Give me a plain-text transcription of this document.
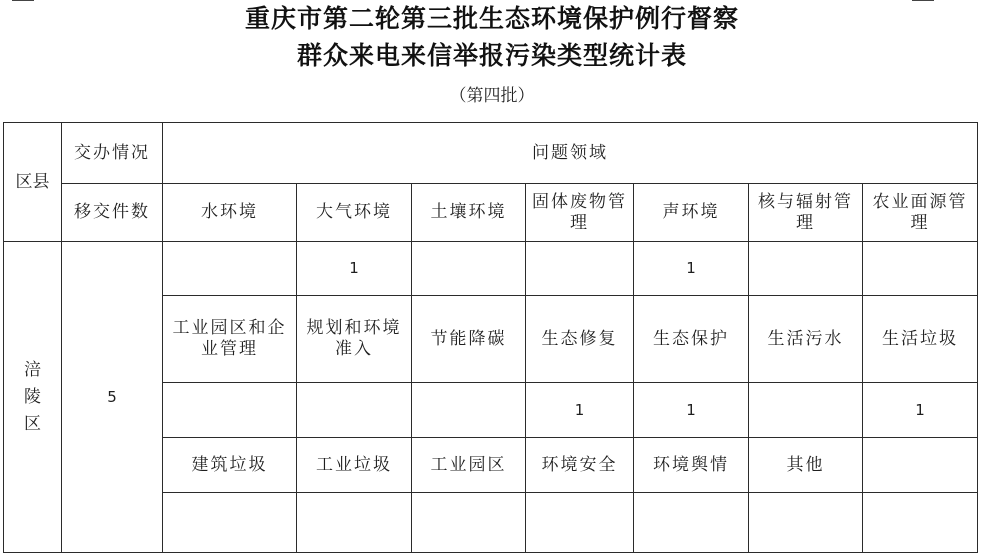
重庆市第二轮第三批生态环境保护例行督察
群众来电来信举报污染类型统计表
（第四批）
区县	交办情况	问题领域						
	移交件数	水环境	大气环境	土壤环境	固体废物管理	声环境	核与辐射管理	农业面源管理
涪
陵
区	5		1			1		
		工业园区和企业管理	规划和环境准入	节能降碳	生态修复	生态保护	生活污水	生活垃圾
					1	1		1
		建筑垃圾	工业垃圾	工业园区	环境安全	环境舆情	其他	
